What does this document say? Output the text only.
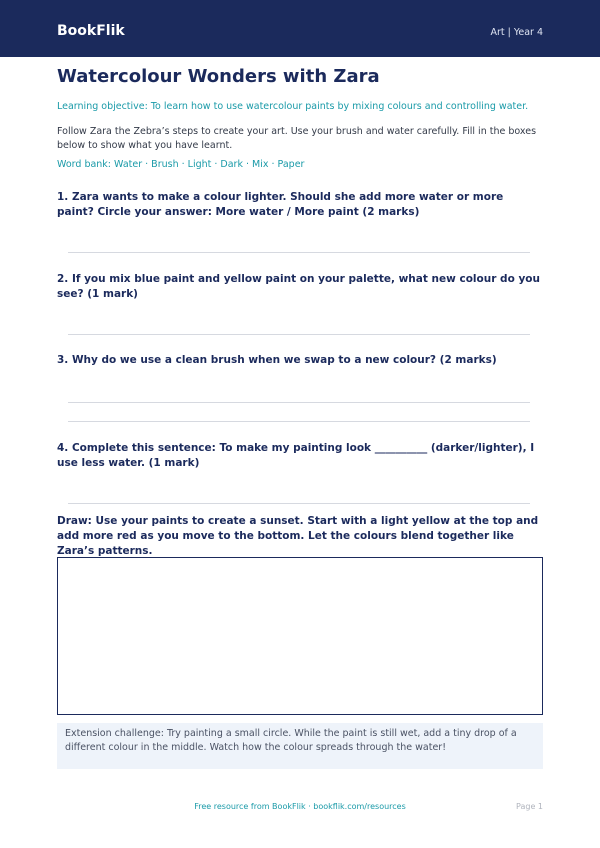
BookFlik	Art | Year 4
Watercolour Wonders with Zara
Learning objective: To learn how to use watercolour paints by mixing colours and controlling water.
Follow Zara the Zebra’s steps to create your art. Use your brush and water carefully. Fill in the boxes below to show what you have learnt.
Word bank: Water · Brush · Light · Dark · Mix · Paper
1. Zara wants to make a colour lighter. Should she add more water or more paint? Circle your answer: More water / More paint (2 marks)
2. If you mix blue paint and yellow paint on your palette, what new colour do you see? (1 mark)
3. Why do we use a clean brush when we swap to a new colour? (2 marks)
4. Complete this sentence: To make my painting look __________ (darker/lighter), I use less water. (1 mark)
Draw: Use your paints to create a sunset. Start with a light yellow at the top and add more red as you move to the bottom. Let the colours blend together like Zara’s patterns.
Extension challenge: Try painting a small circle. While the paint is still wet, add a tiny drop of a different colour in the middle. Watch how the colour spreads through the water!
Free resource from BookFlik · bookflik.com/resources	Page 1
